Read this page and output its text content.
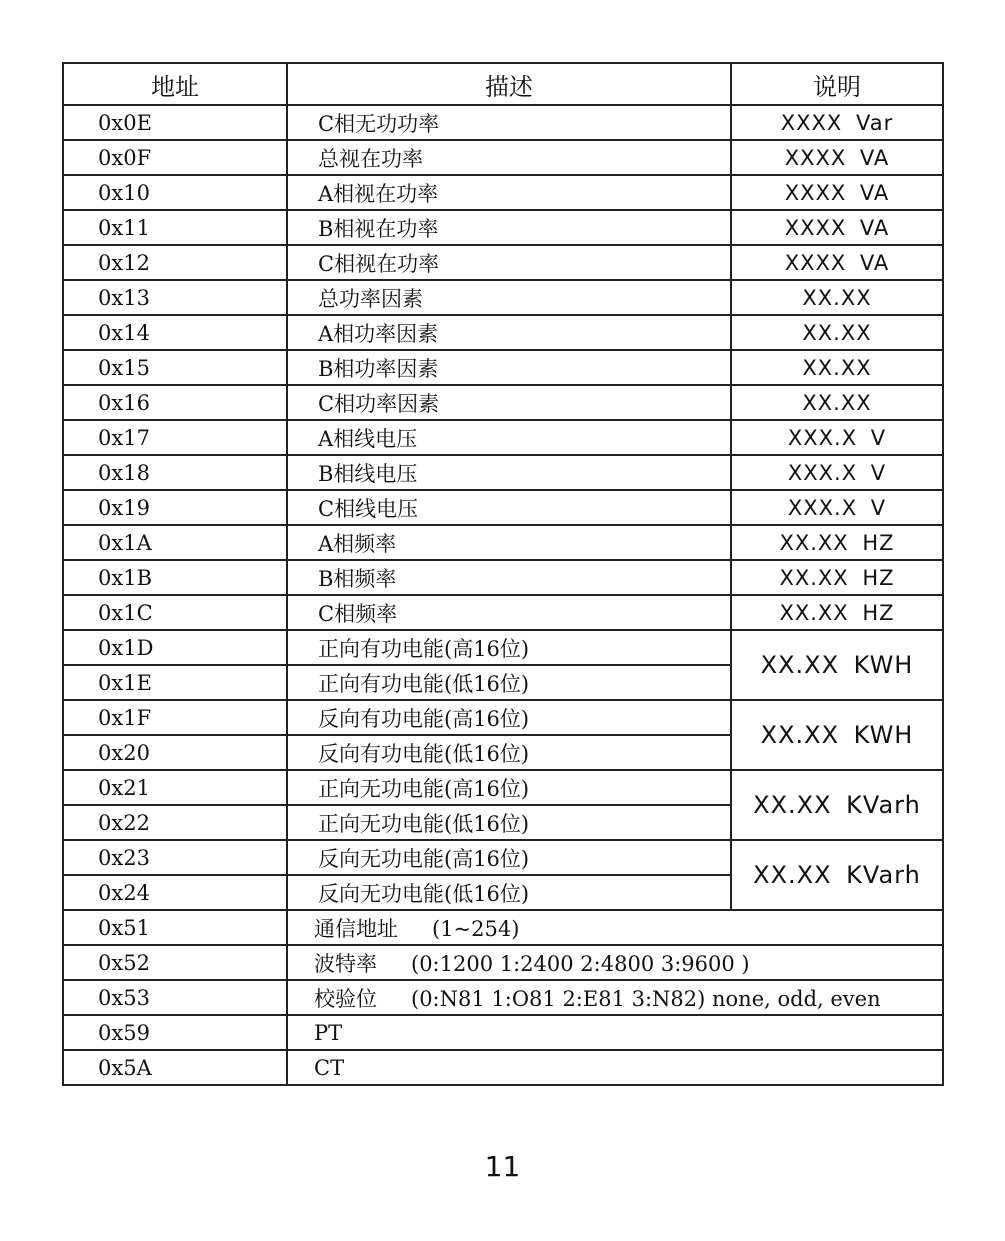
地址	描述	说明
0x0E	C相无功功率	XXXX Var
0x0F	总视在功率	XXXX VA
0x10	A相视在功率	XXXX VA
0x11	B相视在功率	XXXX VA
0x12	C相视在功率	XXXX VA
0x13	总功率因素	XX.XX
0x14	A相功率因素	XX.XX
0x15	B相功率因素	XX.XX
0x16	C相功率因素	XX.XX
0x17	A相线电压	XXX.X V
0x18	B相线电压	XXX.X V
0x19	C相线电压	XXX.X V
0x1A	A相频率	XX.XX HZ
0x1B	B相频率	XX.XX HZ
0x1C	C相频率	XX.XX HZ
0x1D	正向有功电能(高16位)	XX.XX KWH
0x1E	正向有功电能(低16位)	
0x1F	反向有功电能(高16位)	XX.XX KWH
0x20	反向有功电能(低16位)	
0x21	正向无功电能(高16位)	XX.XX KVarh
0x22	正向无功电能(低16位)	
0x23	反向无功电能(高16位)	XX.XX KVarh
0x24	反向无功电能(低16位)	
0x51	通信地址 (1~254)	
0x52	波特率 (0:1200 1:2400 2:4800 3:9600 )	
0x53	校验位 (0:N81 1:O81 2:E81 3:N82) none, odd, even	
0x59	PT	
0x5A	CT	
11
